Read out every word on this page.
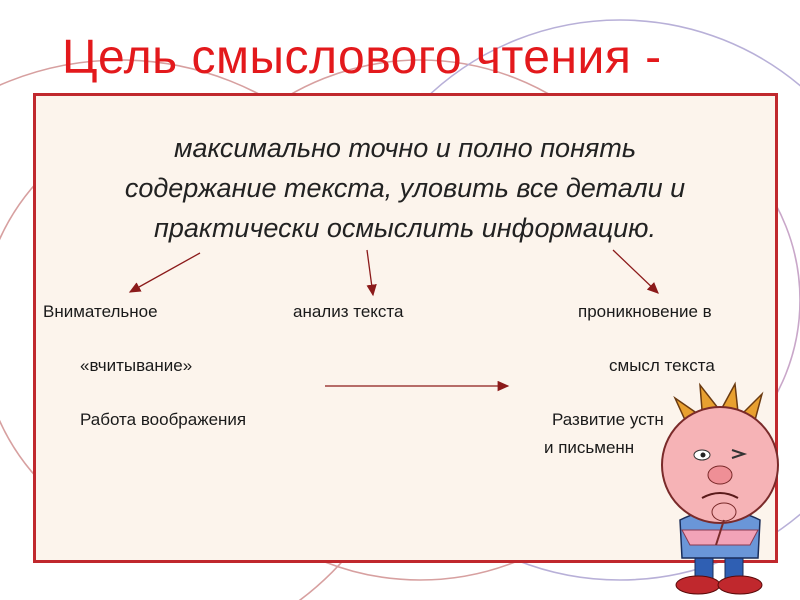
Цель смыслового чтения -
максимально точно и полно понять
содержание текста, уловить все детали и
практически осмыслить информацию.
Внимательное	анализ текста	проникновение в
«вчитывание»	смысл текста
Работа воображения	Развитие устн
и письменн
